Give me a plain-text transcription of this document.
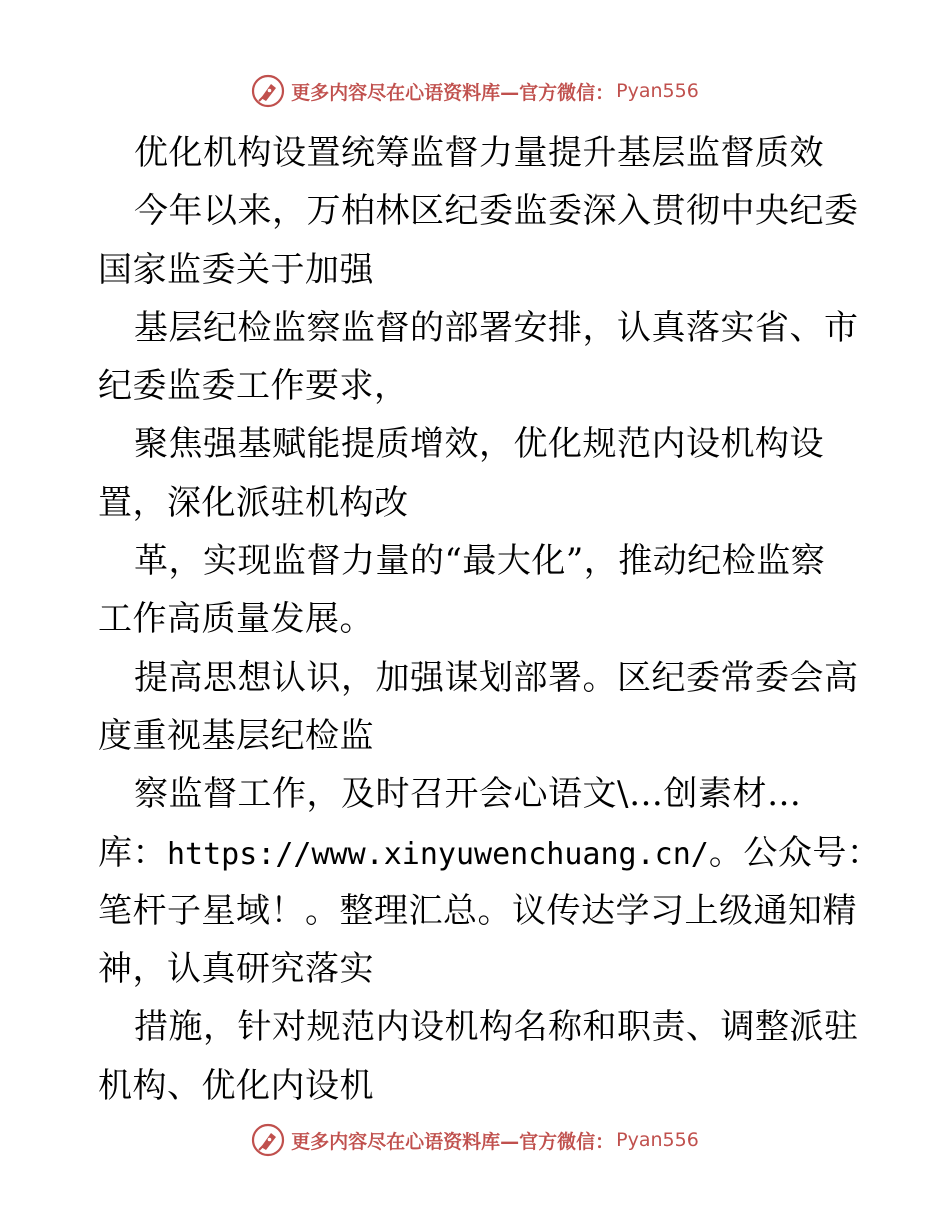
更多内容尽在心语资料库—官方微信： Pyan556
优化机构设置统筹监督力量提升基层监督质效
今年以来，万柏林区纪委监委深入贯彻中央纪委
国家监委关于加强
基层纪检监察监督的部署安排，认真落实省、市
纪委监委工作要求，
聚焦强基赋能提质增效，优化规范内设机构设
置，深化派驻机构改
革，实现监督力量的“最大化”，推动纪检监察
工作高质量发展。
提高思想认识，加强谋划部署。区纪委常委会高
度重视基层纪检监
察监督工作，及时召开会心语文\…创素材…
库：https://www.xinyuwenchuang.cn/。公众号：
笔杆子星域！。整理汇总。议传达学习上级通知精
神，认真研究落实
措施，针对规范内设机构名称和职责、调整派驻
机构、优化内设机
更多内容尽在心语资料库—官方微信： Pyan556
